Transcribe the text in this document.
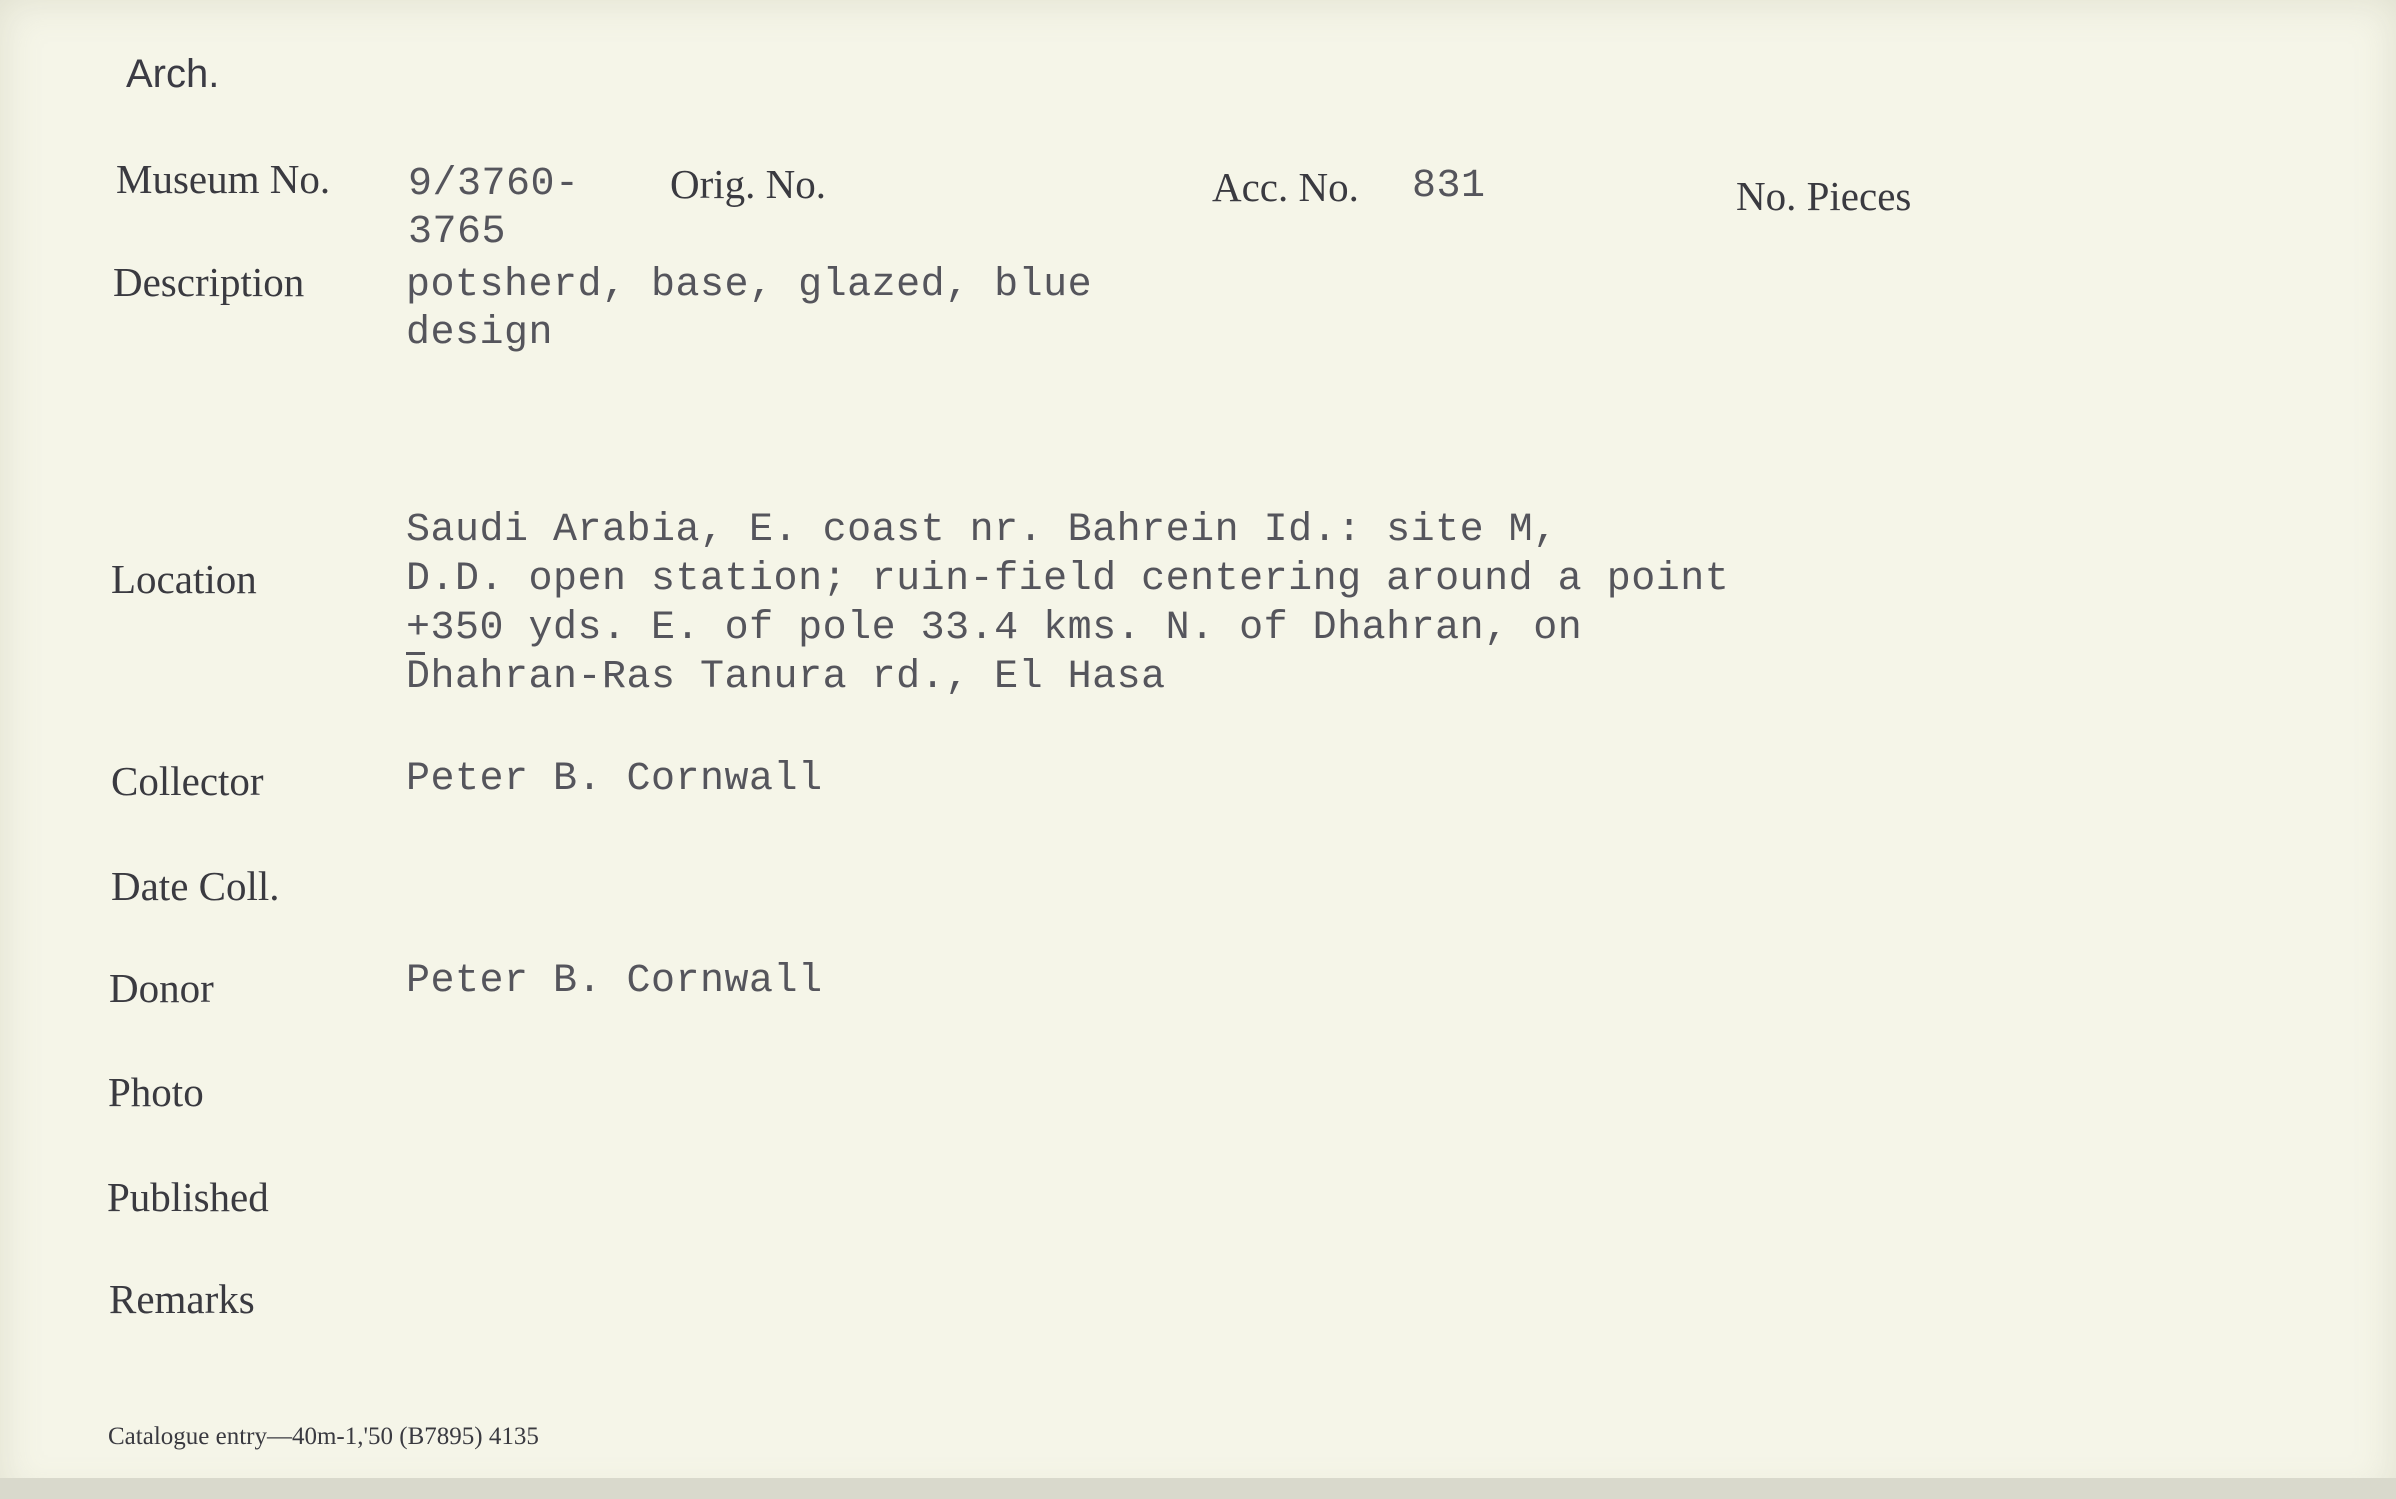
Arch.
Museum No. 9/3760-
3765
Orig. No.	Acc. No. 831	No. Pieces
Description	potsherd, base, glazed, blue
design
Location
Saudi Arabia, E. coast nr. Bahrein Id.: site M,
D.D. open station; ruin-field centering around a point
+
350 yds. E. of pole 33.4 kms. N. of Dhahran, on
Dhahran-Ras Tanura rd., El Hasa
Collector	Peter B. Cornwall
Date Coll.
Donor	Peter B. Cornwall
Photo
Published
Remarks
Catalogue entry—40m-1,'50 (B7895) 4135
